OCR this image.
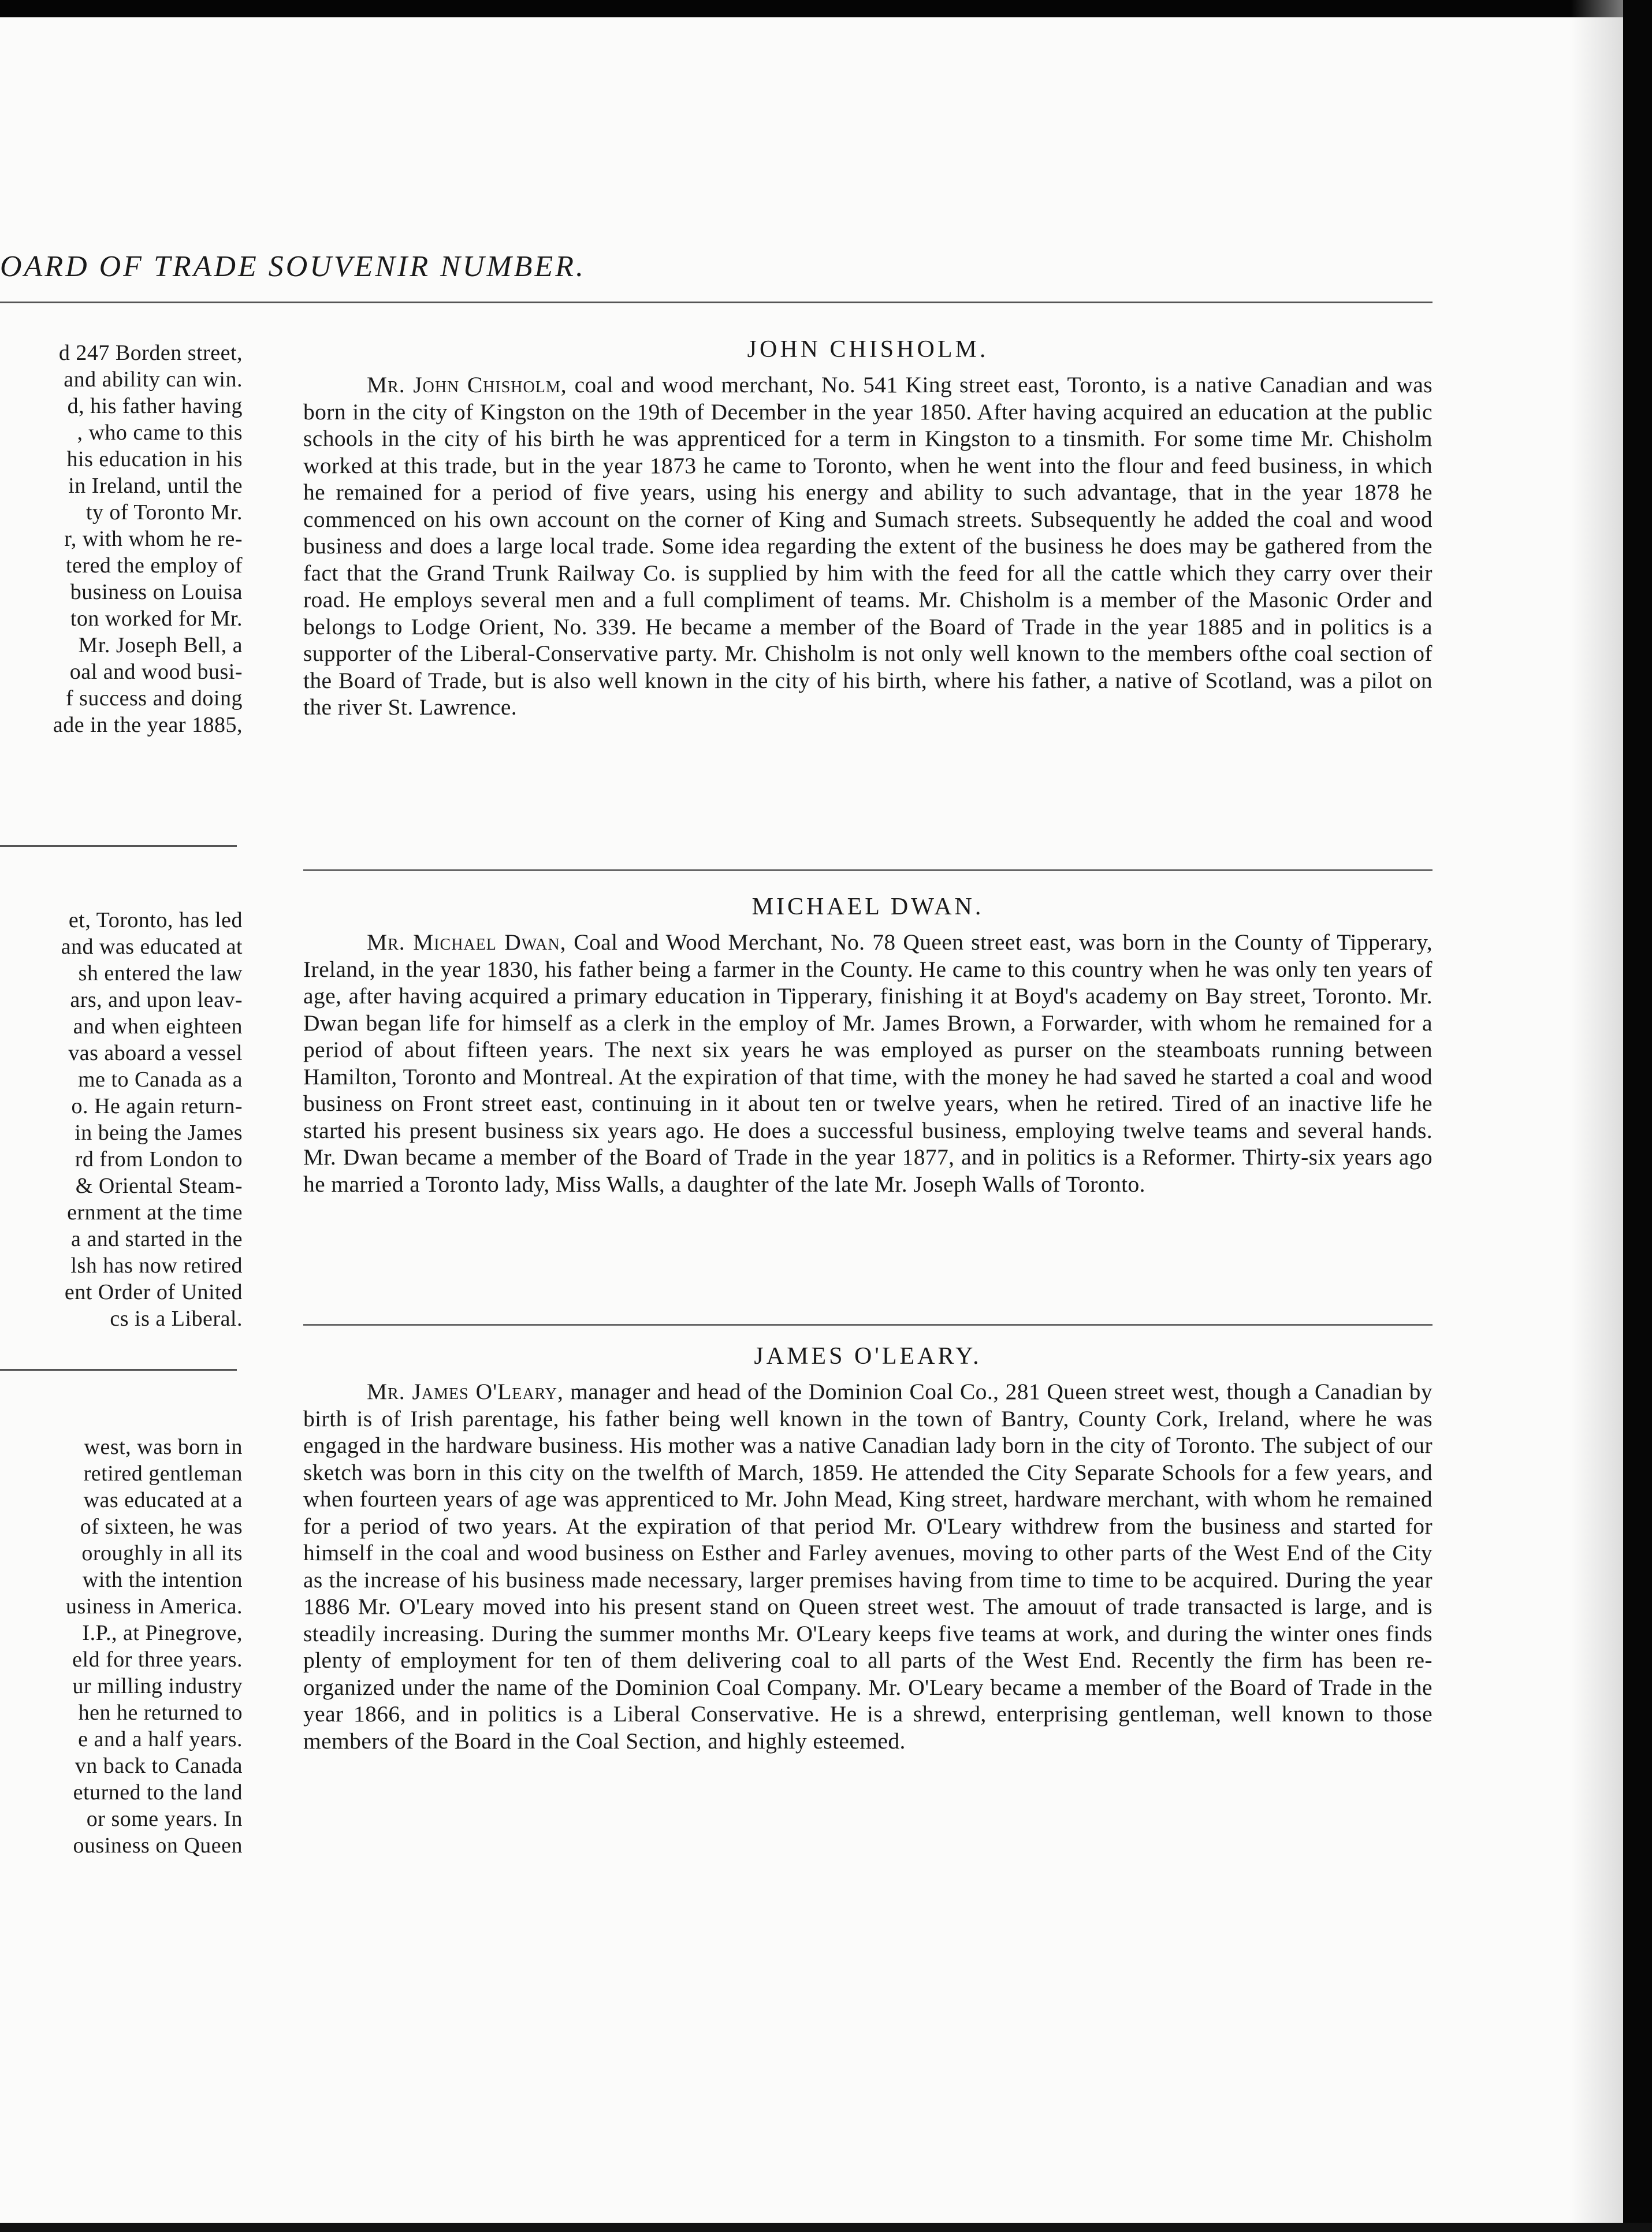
OARD OF TRADE SOUVENIR NUMBER.
d 247 Borden street,
and ability can win.
d, his father having
, who came to this
his education in his
in Ireland, until the
ty of Toronto Mr.
r, with whom he re-
tered the employ of
business on Louisa
ton worked for Mr.
Mr. Joseph Bell, a
oal and wood busi-
f success and doing
ade in the year 1885,
et, Toronto, has led
and was educated at
sh entered the law
ars, and upon leav-
and when eighteen
vas aboard a vessel
me to Canada as a
o. He again return-
in being the James
rd from London to
& Oriental Steam-
ernment at the time
a and started in the
lsh has now retired
ent Order of United
cs is a Liberal.
west, was born in
retired gentleman
was educated at a
of sixteen, he was
oroughly in all its
with the intention
usiness in America.
I.P., at Pinegrove,
eld for three years.
ur milling industry
hen he returned to
e and a half years.
vn back to Canada
eturned to the land
or some years. In
ousiness on Queen
JOHN CHISHOLM.

Mr. John Chisholm, coal and wood merchant, No. 541 King street east, Toronto, is a native Canadian and was born in the city of Kingston on the 19th of December in the year 1850. After having acquired an education at the public schools in the city of his birth he was apprenticed for a term in Kingston to a tinsmith. For some time Mr. Chisholm worked at this trade, but in the year 1873 he came to Toronto, when he went into the flour and feed business, in which he remained for a period of five years, using his energy and ability to such advantage, that in the year 1878 he commenced on his own account on the corner of King and Sumach streets. Subsequently he added the coal and wood business and does a large local trade. Some idea regarding the extent of the business he does may be gathered from the fact that the Grand Trunk Railway Co. is supplied by him with the feed for all the cattle which they carry over their road. He employs several men and a full compliment of teams. Mr. Chisholm is a member of the Masonic Order and belongs to Lodge Orient, No. 339. He became a member of the Board of Trade in the year 1885 and in politics is a supporter of the Liberal-Conservative party. Mr. Chisholm is not only well known to the members ofthe coal section of the Board of Trade, but is also well known in the city of his birth, where his father, a native of Scotland, was a pilot on the river St. Lawrence.

MICHAEL DWAN.

Mr. Michael Dwan, Coal and Wood Merchant, No. 78 Queen street east, was born in the County of Tipperary, Ireland, in the year 1830, his father being a farmer in the County. He came to this country when he was only ten years of age, after having acquired a primary education in Tipperary, finishing it at Boyd's academy on Bay street, Toronto. Mr. Dwan began life for himself as a clerk in the employ of Mr. James Brown, a Forwarder, with whom he remained for a period of about fifteen years. The next six years he was employed as purser on the steamboats running between Hamilton, Toronto and Montreal. At the expiration of that time, with the money he had saved he started a coal and wood business on Front street east, continuing in it about ten or twelve years, when he retired. Tired of an inactive life he started his present business six years ago. He does a successful business, employing twelve teams and several hands. Mr. Dwan became a member of the Board of Trade in the year 1877, and in politics is a Reformer. Thirty-six years ago he married a Toronto lady, Miss Walls, a daughter of the late Mr. Joseph Walls of Toronto.

JAMES O'LEARY.

Mr. James O'Leary, manager and head of the Dominion Coal Co., 281 Queen street west, though a Canadian by birth is of Irish parentage, his father being well known in the town of Bantry, County Cork, Ireland, where he was engaged in the hardware business. His mother was a native Canadian lady born in the city of Toronto. The subject of our sketch was born in this city on the twelfth of March, 1859. He attended the City Separate Schools for a few years, and when fourteen years of age was apprenticed to Mr. John Mead, King street, hardware merchant, with whom he remained for a period of two years. At the expiration of that period Mr. O'Leary withdrew from the business and started for himself in the coal and wood business on Esther and Farley avenues, moving to other parts of the West End of the City as the increase of his business made necessary, larger premises having from time to time to be acquired. During the year 1886 Mr. O'Leary moved into his present stand on Queen street west. The amouut of trade transacted is large, and is steadily increasing. During the summer months Mr. O'Leary keeps five teams at work, and during the winter ones finds plenty of employment for ten of them delivering coal to all parts of the West End. Recently the firm has been re-organized under the name of the Dominion Coal Company. Mr. O'Leary became a member of the Board of Trade in the year 1866, and in politics is a Liberal Conservative. He is a shrewd, enterprising gentleman, well known to those members of the Board in the Coal Section, and highly esteemed.
